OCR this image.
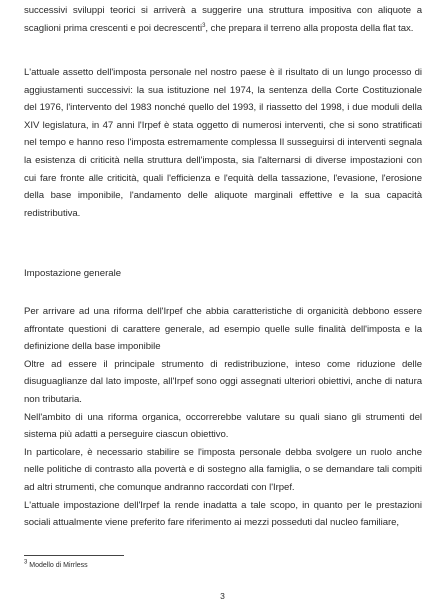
successivi sviluppi teorici si arriverà a suggerire una struttura impositiva con aliquote a scaglioni prima crescenti e poi decrescenti$^3$, che prepara il terreno alla proposta della flat tax.

L'attuale assetto dell'imposta personale nel nostro paese è il risultato di un lungo processo di aggiustamenti successivi: la sua istituzione nel 1974, la sentenza della Corte Costituzionale del 1976, l'intervento del 1983 nonché quello del 1993, il riassetto del 1998, i due moduli della XIV legislatura, in 47 anni l'Irpef è stata oggetto di numerosi interventi, che si sono stratificati nel tempo e hanno reso l'imposta estremamente complessa Il susseguirsi di interventi segnala la esistenza di criticità nella struttura dell'imposta, sia l'alternarsi di diverse impostazioni con cui fare fronte alle criticità, quali l'efficienza e l'equità della tassazione, l'evasione, l'erosione della base imponibile, l'andamento delle aliquote marginali effettive e la sua capacità redistributiva.

Impostazione generale

Per arrivare ad una riforma dell'Irpef che abbia caratteristiche di organicità debbono essere affrontate questioni di carattere generale, ad esempio quelle sulle finalità dell'imposta e la definizione della base imponibile

Oltre ad essere il principale strumento di redistribuzione, inteso come riduzione delle disuguaglianze dal lato imposte, all'Irpef sono oggi assegnati ulteriori obiettivi, anche di natura non tributaria.

Nell'ambito di una riforma organica, occorrerebbe valutare su quali siano gli strumenti del sistema più adatti a perseguire ciascun obiettivo.

In particolare, è necessario stabilire se l'imposta personale debba svolgere un ruolo anche nelle politiche di contrasto alla povertà e di sostegno alla famiglia, o se demandare tali compiti ad altri strumenti, che comunque andranno raccordati con l'Irpef.

L'attuale impostazione dell'Irpef la rende inadatta a tale scopo, in quanto per le prestazioni sociali attualmente viene preferito fare riferimento ai mezzi posseduti dal nucleo familiare,

$^3$ Modello di Mirrless

3
